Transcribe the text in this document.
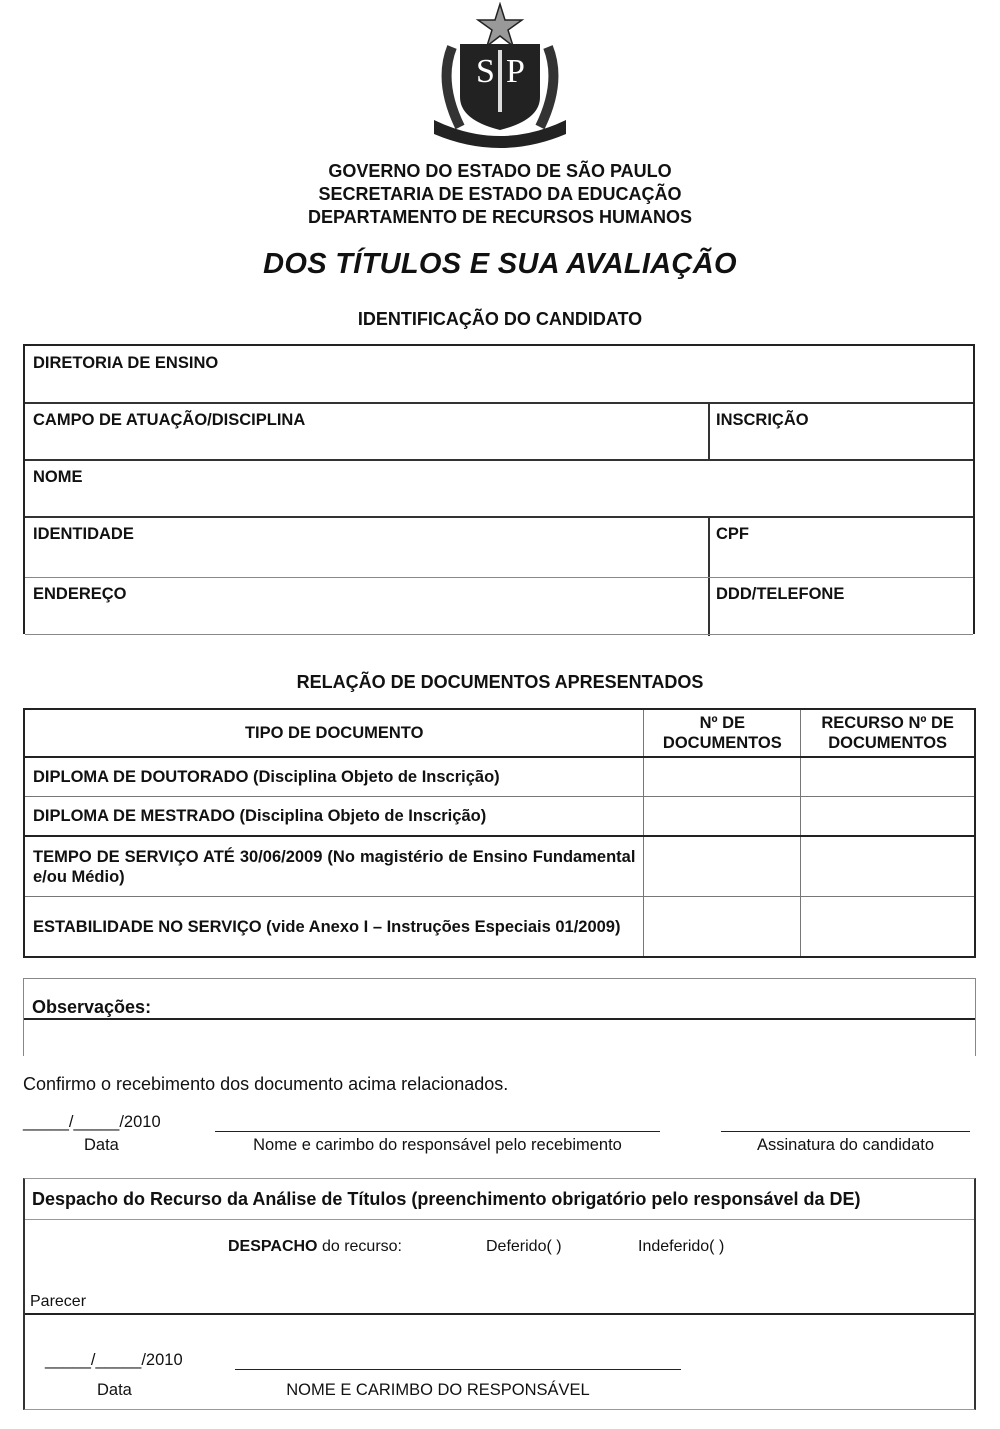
S P
GOVERNO DO ESTADO DE SÃO PAULO
SECRETARIA DE ESTADO DA EDUCAÇÃO
DEPARTAMENTO DE RECURSOS HUMANOS
DOS TÍTULOS E SUA AVALIAÇÃO
IDENTIFICAÇÃO DO CANDIDATO
DIRETORIA DE ENSINO
CAMPO DE ATUAÇÃO/DISCIPLINA	INSCRIÇÃO
NOME
IDENTIDADE	CPF
ENDEREÇO	DDD/TELEFONE
RELAÇÃO DE DOCUMENTOS APRESENTADOS
TIPO DE DOCUMENTO	Nº DE DOCUMENTOS	RECURSO Nº DE DOCUMENTOS
DIPLOMA DE DOUTORADO (Disciplina Objeto de Inscrição)		
DIPLOMA DE MESTRADO (Disciplina Objeto de Inscrição)		
TEMPO DE SERVIÇO ATÉ 30/06/2009 (No magistério de Ensino Fundamental e/ou Médio)		
ESTABILIDADE NO SERVIÇO (vide Anexo I – Instruções Especiais 01/2009)		
Observações:
Confirmo o recebimento dos documento acima relacionados.
_____/_____/2010
Data	Nome e carimbo do responsável pelo recebimento	Assinatura do candidato
Despacho do Recurso da Análise de Títulos (preenchimento obrigatório pelo responsável da DE)
DESPACHO do recurso:	Deferido( )	Indeferido( )
Parecer
_____/_____/2010
Data	NOME E CARIMBO DO RESPONSÁVEL
